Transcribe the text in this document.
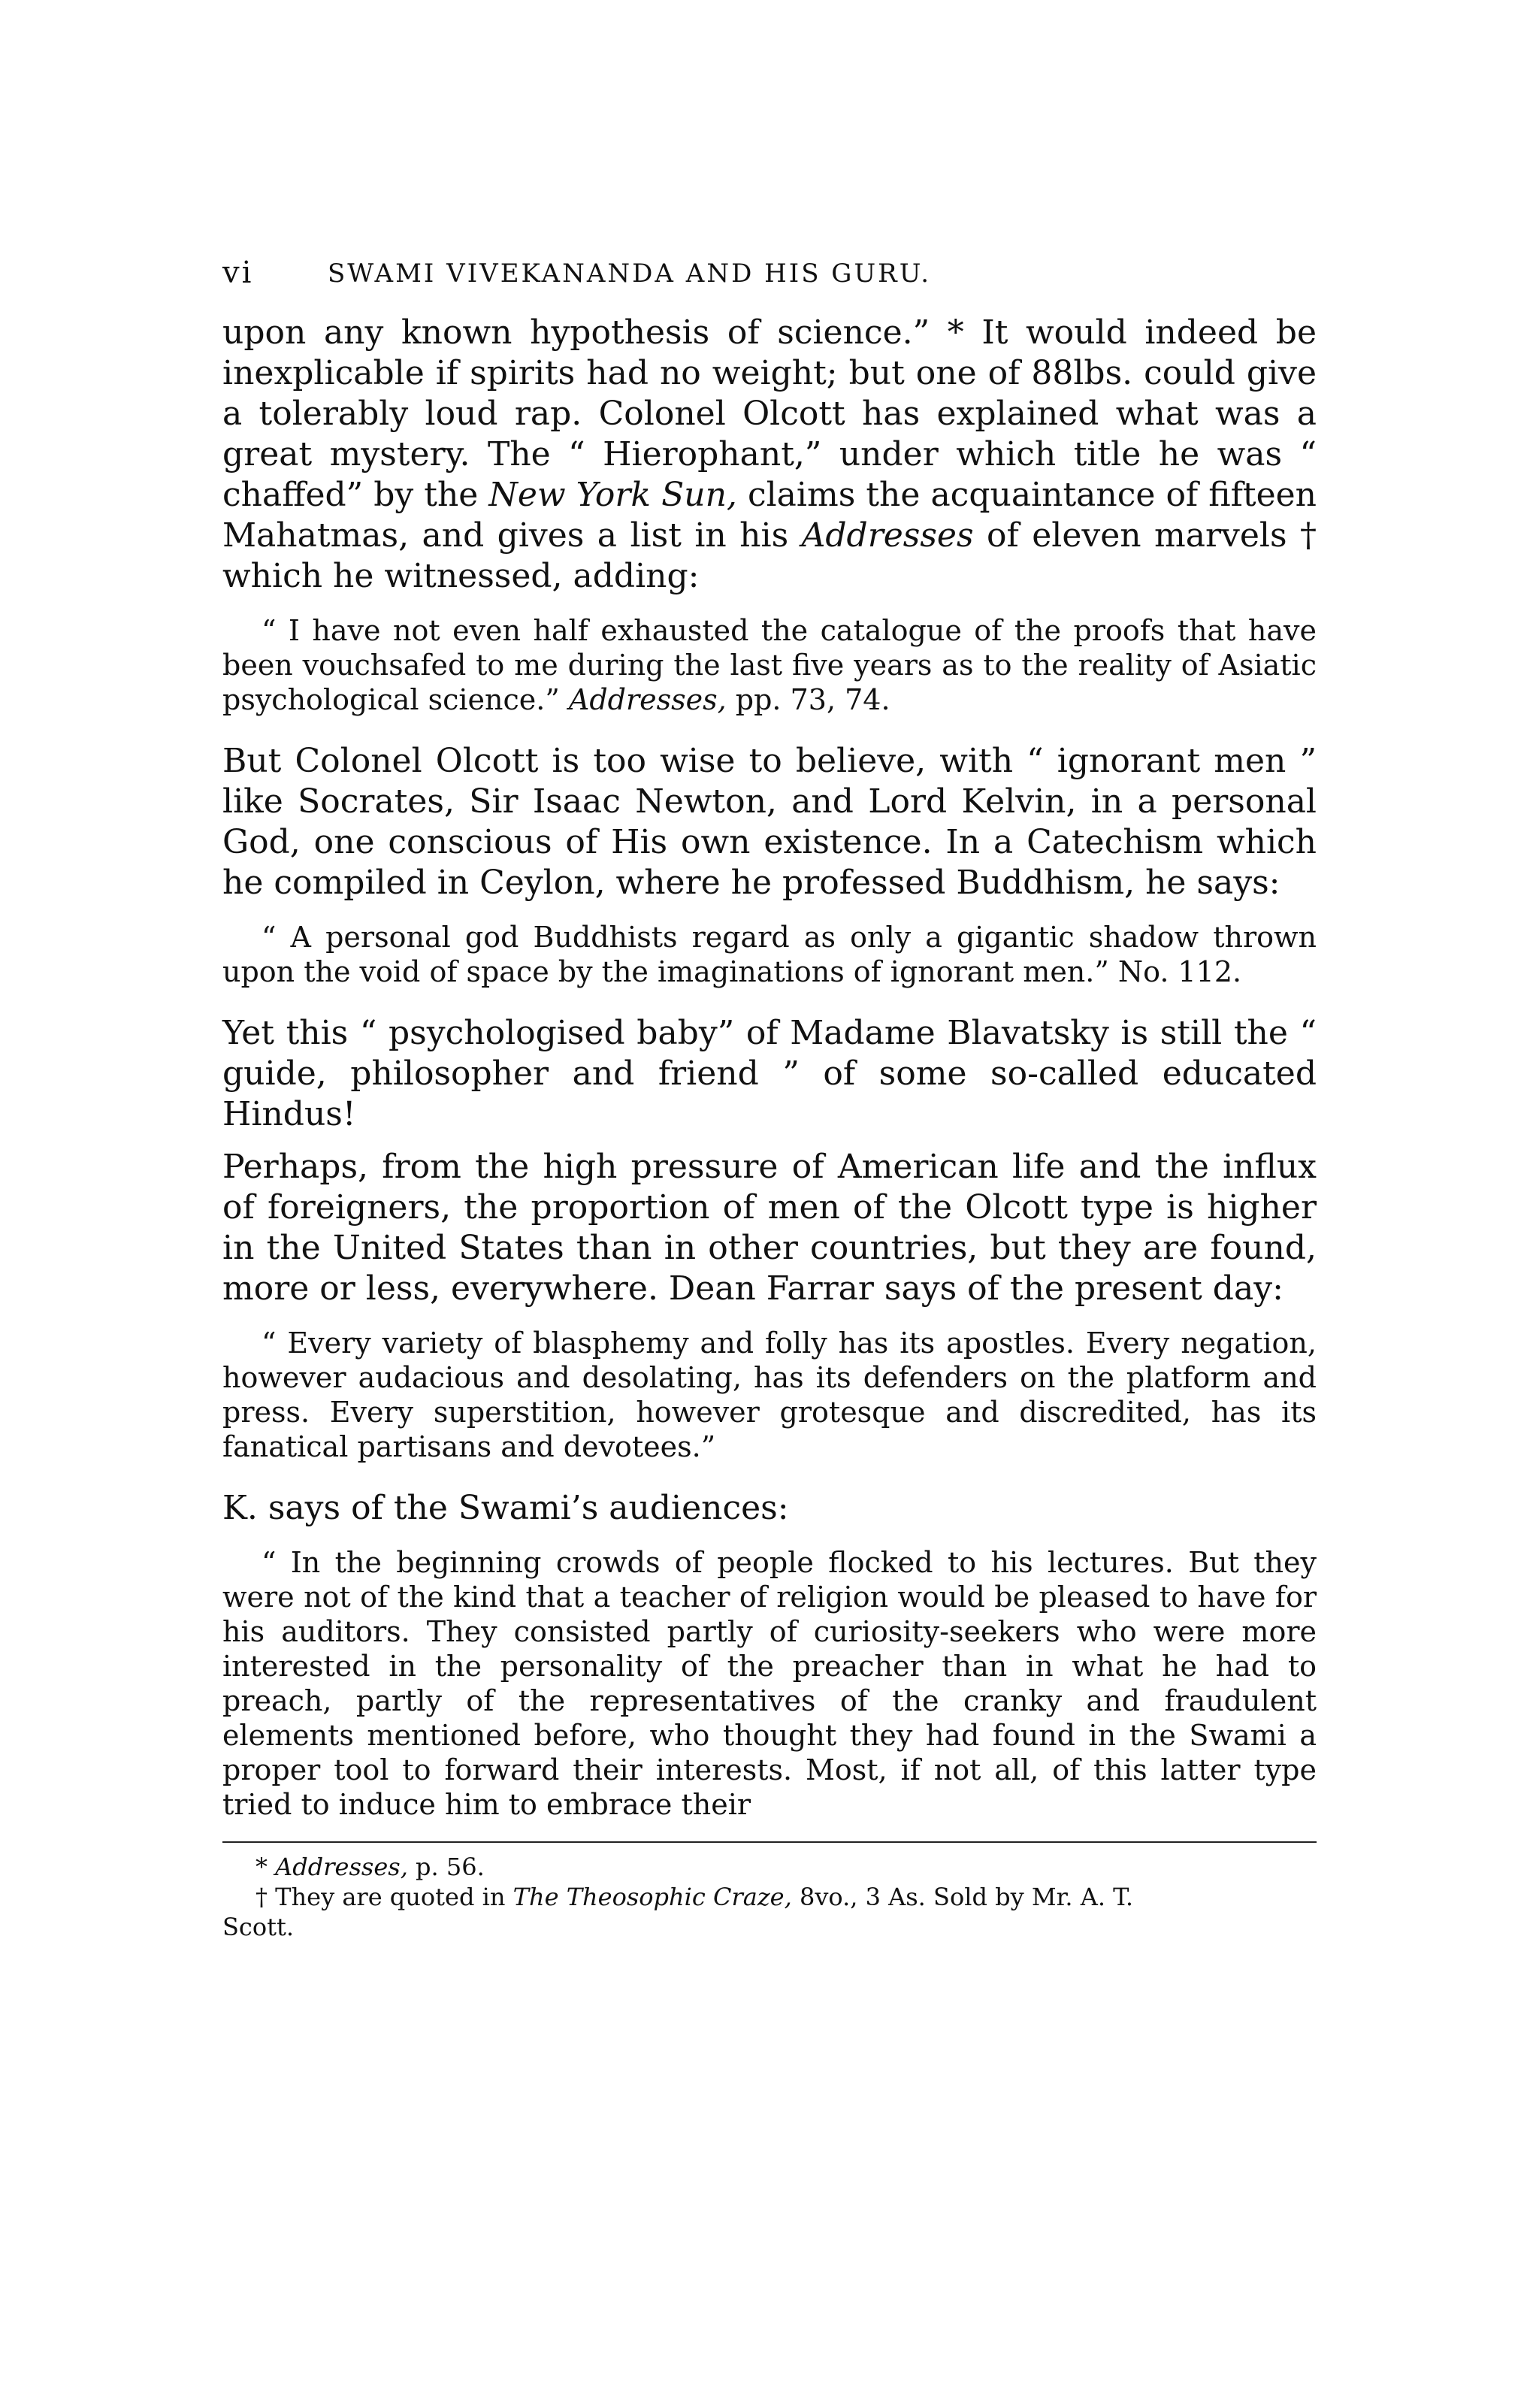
vi	SWAMI VIVEKANANDA AND HIS GURU.

upon any known hypothesis of science.” * It would indeed be inexplicable if spirits had no weight; but one of 88lbs. could give a tolerably loud rap. Colonel Olcott has explained what was a great mystery. The “ Hierophant,” under which title he was “ chaffed” by the New York Sun, claims the acquaintance of fifteen Mahatmas, and gives a list in his Addresses of eleven marvels † which he witnessed, adding:

“ I have not even half exhausted the catalogue of the proofs that have been vouchsafed to me during the last five years as to the reality of Asiatic psychological science.” Addresses, pp. 73, 74.

But Colonel Olcott is too wise to believe, with “ ignorant men ” like Socrates, Sir Isaac Newton, and Lord Kelvin, in a personal God, one conscious of His own existence. In a Catechism which he compiled in Ceylon, where he professed Buddhism, he says:

“ A personal god Buddhists regard as only a gigantic shadow thrown upon the void of space by the imaginations of ignorant men.” No. 112.

Yet this “ psychologised baby” of Madame Blavatsky is still the “ guide, philosopher and friend ” of some so-called educated Hindus!

Perhaps, from the high pressure of American life and the influx of foreigners, the proportion of men of the Olcott type is higher in the United States than in other countries, but they are found, more or less, everywhere. Dean Farrar says of the present day:

“ Every variety of blasphemy and folly has its apostles. Every negation, however audacious and desolating, has its defenders on the platform and press. Every superstition, however grotesque and discredited, has its fanatical partisans and devotees.”

K. says of the Swami’s audiences:

“ In the beginning crowds of people flocked to his lectures. But they were not of the kind that a teacher of religion would be pleased to have for his auditors. They consisted partly of curiosity-seekers who were more interested in the personality of the preacher than in what he had to preach, partly of the representatives of the cranky and fraudulent elements mentioned before, who thought they had found in the Swami a proper tool to forward their interests. Most, if not all, of this latter type tried to induce him to embrace their

* Addresses, p. 56.

† They are quoted in The Theosophic Craze, 8vo., 3 As. Sold by Mr. A. T.

Scott.
